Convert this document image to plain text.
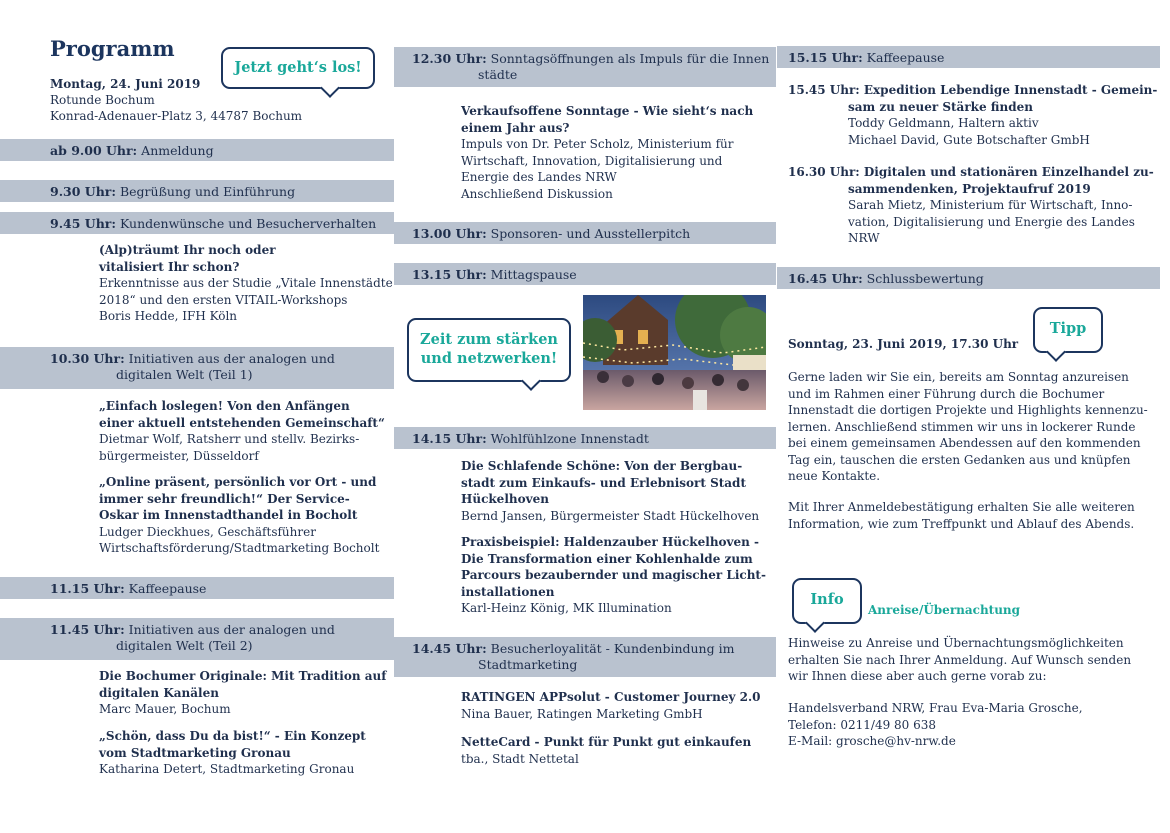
Programm
Jetzt geht‘s los!
Montag, 24. Juni 2019
Rotunde Bochum
Konrad-Adenauer-Platz 3, 44787 Bochum
ab 9.00 Uhr: Anmeldung
9.30 Uhr: Begrüßung und Einführung
9.45 Uhr: Kundenwünsche und Besucherverhalten
(Alp)träumt Ihr noch oder
vitalisiert Ihr schon?
Erkenntnisse aus der Studie „Vitale Innenstädte
2018“ und den ersten VITAIL-Workshops
Boris Hedde, IFH Köln
10.30 Uhr: Initiativen aus der analogen und
digitalen Welt (Teil 1)
„Einfach loslegen! Von den Anfängen
einer aktuell entstehenden Gemeinschaft“
Dietmar Wolf, Ratsherr und stellv. Bezirks-
bürgermeister, Düsseldorf
„Online präsent, persönlich vor Ort - und
immer sehr freundlich!“ Der Service-
Oskar im Innenstadthandel in Bocholt
Ludger Dieckhues, Geschäftsführer
Wirtschaftsförderung/Stadtmarketing Bocholt
11.15 Uhr: Kaffeepause
11.45 Uhr: Initiativen aus der analogen und
digitalen Welt (Teil 2)
Die Bochumer Originale: Mit Tradition auf
digitalen Kanälen
Marc Mauer, Bochum
„Schön, dass Du da bist!“ - Ein Konzept
vom Stadtmarketing Gronau
Katharina Detert, Stadtmarketing Gronau
12.30 Uhr: Sonntagsöffnungen als Impuls für die Innen
städte
Verkaufsoffene Sonntage - Wie sieht‘s nach
einem Jahr aus?
Impuls von Dr. Peter Scholz, Ministerium für
Wirtschaft, Innovation, Digitalisierung und
Energie des Landes NRW
Anschließend Diskussion
13.00 Uhr: Sponsoren- und Ausstellerpitch
13.15 Uhr: Mittagspause
Zeit zum stärken
und netzwerken!
14.15 Uhr: Wohlfühlzone Innenstadt
Die Schlafende Schöne: Von der Bergbau-
stadt zum Einkaufs- und Erlebnisort Stadt
Hückelhoven
Bernd Jansen, Bürgermeister Stadt Hückelhoven
Praxisbeispiel: Haldenzauber Hückelhoven -
Die Transformation einer Kohlenhalde zum
Parcours bezaubernder und magischer Licht-
installationen
Karl-Heinz König, MK Illumination
14.45 Uhr: Besucherloyalität - Kundenbindung im
Stadtmarketing
RATINGEN APPsolut - Customer Journey 2.0
Nina Bauer, Ratingen Marketing GmbH
NetteCard - Punkt für Punkt gut einkaufen
tba., Stadt Nettetal
15.15 Uhr: Kaffeepause
15.45 Uhr: Expedition Lebendige Innenstadt - Gemein-
sam zu neuer Stärke finden
Toddy Geldmann, Haltern aktiv
Michael David, Gute Botschafter GmbH
16.30 Uhr: Digitalen und stationären Einzelhandel zu-
sammendenken, Projektaufruf 2019
Sarah Mietz, Ministerium für Wirtschaft, Inno-
vation, Digitalisierung und Energie des Landes
NRW
16.45 Uhr: Schlussbewertung
Tipp
Sonntag, 23. Juni 2019, 17.30 Uhr
Gerne laden wir Sie ein, bereits am Sonntag anzureisen
und im Rahmen einer Führung durch die Bochumer
Innenstadt die dortigen Projekte und Highlights kennenzu-
lernen. Anschließend stimmen wir uns in lockerer Runde
bei einem gemeinsamen Abendessen auf den kommenden
Tag ein, tauschen die ersten Gedanken aus und knüpfen
neue Kontakte.
Mit Ihrer Anmeldebestätigung erhalten Sie alle weiteren
Information, wie zum Treffpunkt und Ablauf des Abends.
Info
Anreise/Übernachtung
Hinweise zu Anreise und Übernachtungsmöglichkeiten
erhalten Sie nach Ihrer Anmeldung. Auf Wunsch senden
wir Ihnen diese aber auch gerne vorab zu:
Handelsverband NRW, Frau Eva-Maria Grosche,
Telefon: 0211/49 80 638
E-Mail: grosche@hv-nrw.de
